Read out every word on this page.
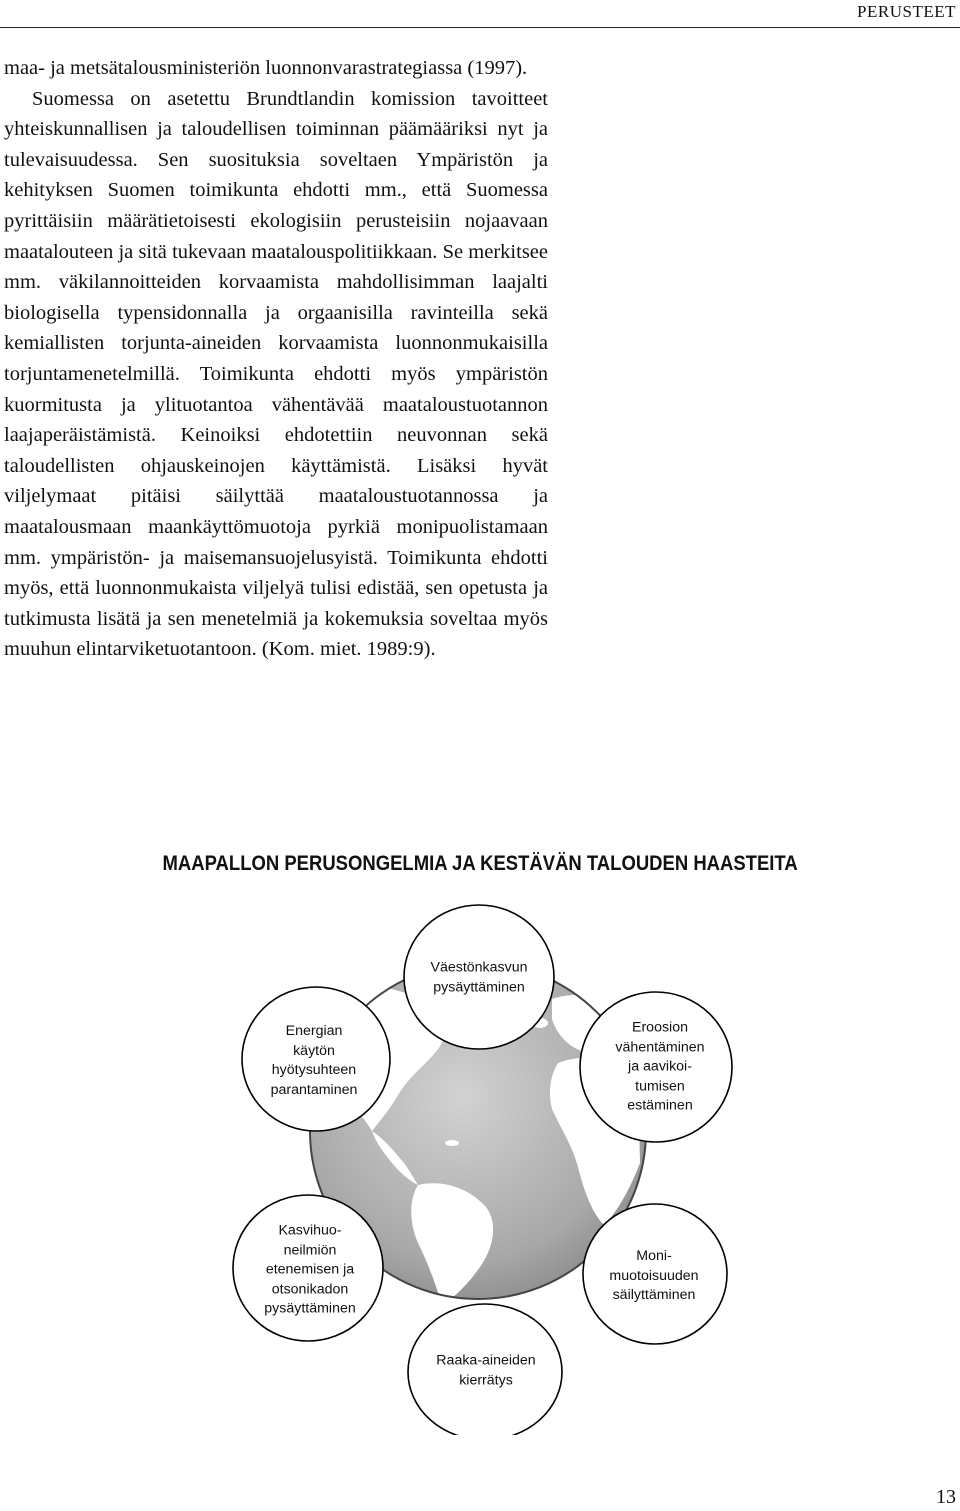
PERUSTEET

maa- ja metsätalousministeriön luonnonvarastrategiassa (1997).

Suomessa on asetettu Brundtlandin komission tavoitteet yhteiskunnallisen ja taloudellisen toiminnan päämääriksi nyt ja tulevaisuudessa. Sen suosituksia soveltaen Ympäristön ja kehityksen Suomen toimikunta ehdotti mm., että Suomessa pyrittäisiin määrätietoisesti ekologisiin perusteisiin nojaavaan maatalouteen ja sitä tukevaan maatalouspolitiikkaan. Se merkitsee mm. väkilannoitteiden korvaamista mahdollisimman laajalti biologisella typensidonnalla ja orgaanisilla ravinteilla sekä kemiallisten torjunta-aineiden korvaamista luonnonmukaisilla torjuntamenetelmillä. Toimikunta ehdotti myös ympäristön kuormitusta ja ylituotantoa vähentävää maataloustuotannon laajaperäistämistä. Keinoiksi ehdotettiin neuvonnan sekä taloudellisten ohjauskeinojen käyttämistä. Lisäksi hyvät viljelymaat pitäisi säilyttää maataloustuotannossa ja maatalousmaan maankäyttömuotoja pyrkiä monipuolistamaan mm. ympäristön- ja maisemansuojelusyistä. Toimikunta ehdotti myös, että luonnonmukaista viljelyä tulisi edistää, sen opetusta ja tutkimusta lisätä ja sen menetelmiä ja kokemuksia soveltaa myös muuhun elintarviketuotantoon. (Kom. miet. 1989:9).

MAAPALLON PERUSONGELMIA JA KESTÄVÄN TALOUDEN HAASTEITA
Väestönkasvun
pysäyttäminen
Energian
käytön
hyötysuhteen
parantaminen
Eroosion
vähentäminen
ja aavikoi-
tumisen
estäminen
Kasvihuo-
neilmiön
etenemisen ja
otsonikadon
pysäyttäminen
Moni-
muotoisuuden
säilyttäminen
Raaka-aineiden
kierrätys
13
